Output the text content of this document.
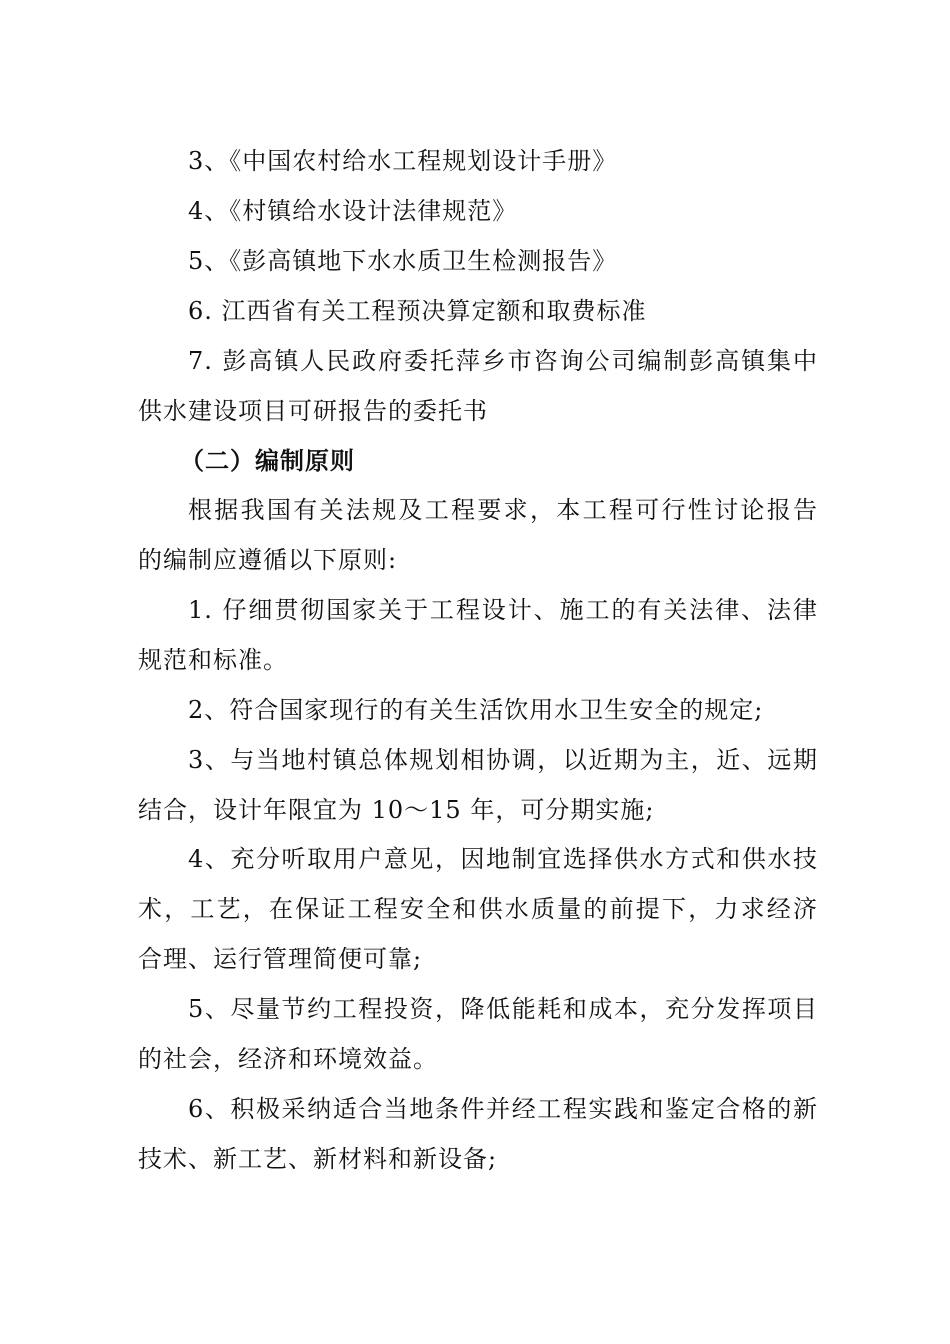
3、《中国农村给水工程规划设计手册》
4、《村镇给水设计法律规范》
5、《彭高镇地下水水质卫生检测报告》
6. 江西省有关工程预决算定额和取费标准
7. 彭高镇人民政府委托萍乡市咨询公司编制彭高镇集中
供水建设项目可研报告的委托书
（二）编制原则
根据我国有关法规及工程要求，本工程可行性讨论报告
的编制应遵循以下原则:
1. 仔细贯彻国家关于工程设计、施工的有关法律、法律
规范和标准。
2、符合国家现行的有关生活饮用水卫生安全的规定;
3、与当地村镇总体规划相协调，以近期为主，近、远期
结合，设计年限宜为 10～15 年，可分期实施;
4、充分听取用户意见，因地制宜选择供水方式和供水技
术，工艺，在保证工程安全和供水质量的前提下，力求经济
合理、运行管理简便可靠;
5、尽量节约工程投资，降低能耗和成本，充分发挥项目
的社会，经济和环境效益。
6、积极采纳适合当地条件并经工程实践和鉴定合格的新
技术、新工艺、新材料和新设备;
